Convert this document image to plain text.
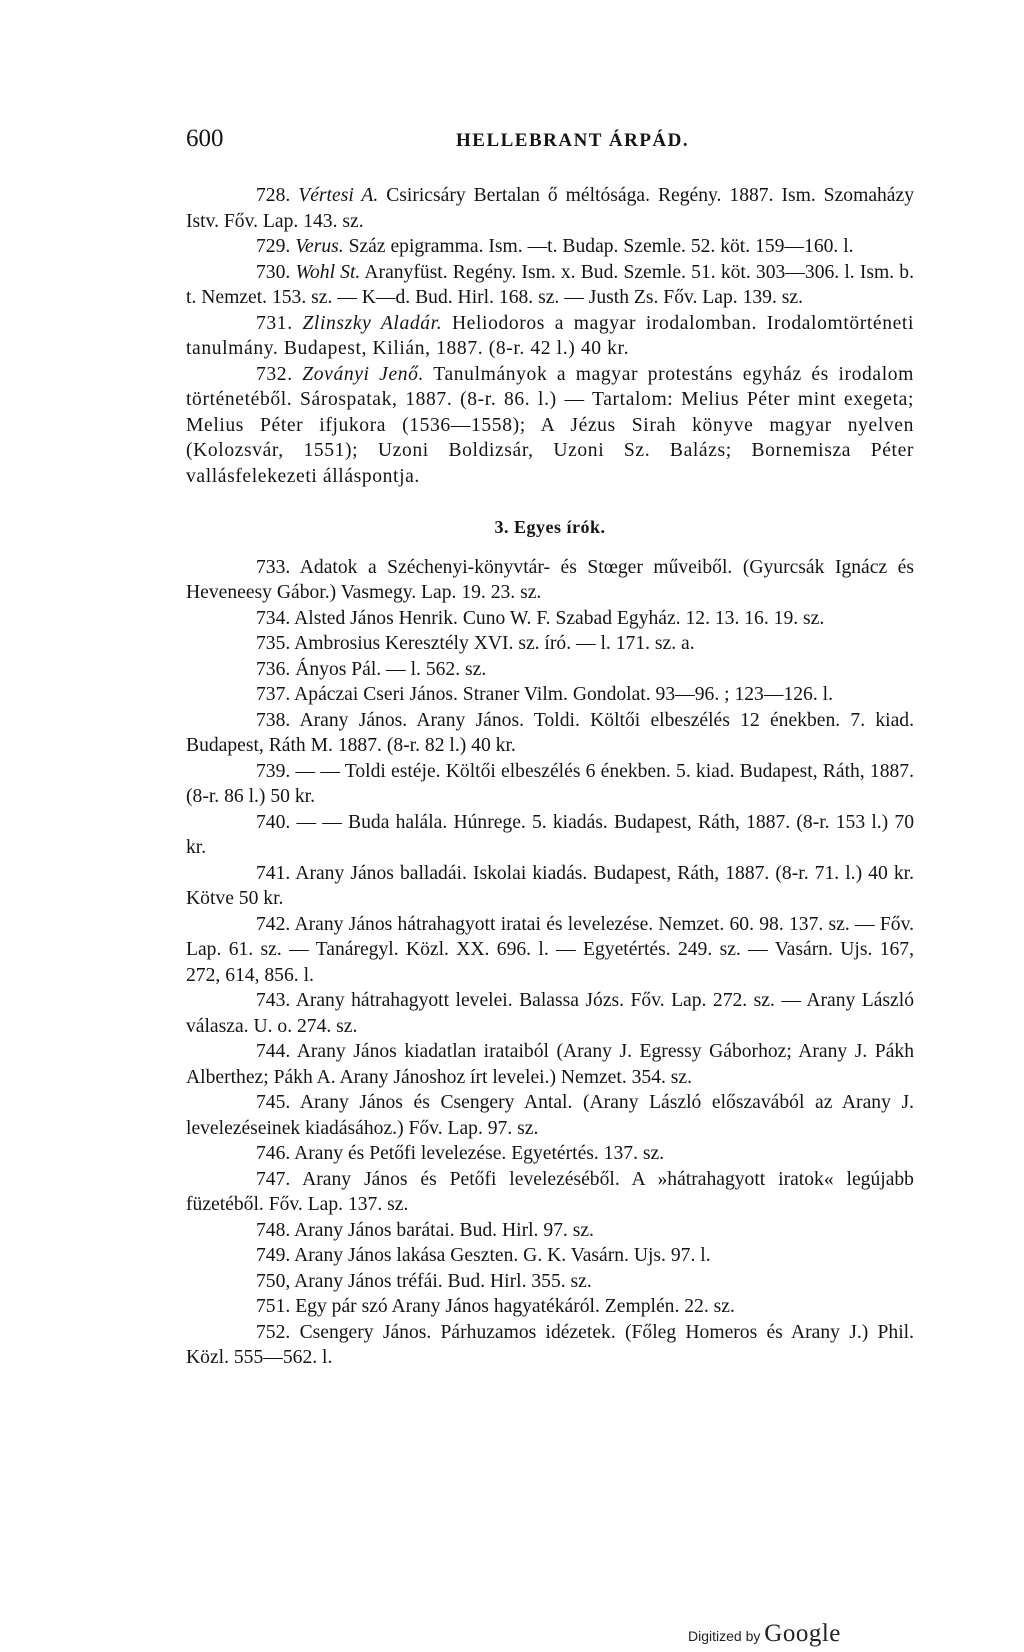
600	HELLEBRANT ÁRPÁD.

728. Vértesi A. Csiricsáry Bertalan ő méltósága. Regény. 1887. Ism. Szomaházy Istv. Főv. Lap. 143. sz.

729. Verus. Száz epigramma. Ism. —t. Budap. Szemle. 52. köt. 159—160. l.

730. Wohl St. Aranyfüst. Regény. Ism. x. Bud. Szemle. 51. köt. 303—306. l. Ism. b. t. Nemzet. 153. sz. — K—d. Bud. Hirl. 168. sz. — Justh Zs. Főv. Lap. 139. sz.

731. Zlinszky Aladár. Heliodoros a magyar irodalomban. Irodalomtörténeti tanulmány. Budapest, Kilián, 1887. (8-r. 42 l.) 40 kr.

732. Zoványi Jenő. Tanulmányok a magyar protestáns egyház és irodalom történetéből. Sárospatak, 1887. (8-r. 86. l.) — Tartalom: Melius Péter mint exegeta; Melius Péter ifjukora (1536—1558); A Jézus Sirah könyve magyar nyelven (Kolozsvár, 1551); Uzoni Boldizsár, Uzoni Sz. Balázs; Bornemisza Péter vallásfelekezeti álláspontja.

3. Egyes írók.

733. Adatok a Széchenyi-könyvtár- és Stœger műveiből. (Gyurcsák Ignácz és Heveneesy Gábor.) Vasmegy. Lap. 19. 23. sz.

734. Alsted János Henrik. Cuno W. F. Szabad Egyház. 12. 13. 16. 19. sz.

735. Ambrosius Keresztély XVI. sz. író. — l. 171. sz. a.

736. Ányos Pál. — l. 562. sz.

737. Apáczai Cseri János. Straner Vilm. Gondolat. 93—96. ; 123—126. l.

738. Arany János. Arany János. Toldi. Költői elbeszélés 12 énekben. 7. kiad. Budapest, Ráth M. 1887. (8-r. 82 l.) 40 kr.

739. — — Toldi estéje. Költői elbeszélés 6 énekben. 5. kiad. Budapest, Ráth, 1887. (8-r. 86 l.) 50 kr.

740. — — Buda halála. Húnrege. 5. kiadás. Budapest, Ráth, 1887. (8-r. 153 l.) 70 kr.

741. Arany János balladái. Iskolai kiadás. Budapest, Ráth, 1887. (8-r. 71. l.) 40 kr. Kötve 50 kr.

742. Arany János hátrahagyott iratai és levelezése. Nemzet. 60. 98. 137. sz. — Főv. Lap. 61. sz. — Tanáregyl. Közl. XX. 696. l. — Egyetértés. 249. sz. — Vasárn. Ujs. 167, 272, 614, 856. l.

743. Arany hátrahagyott levelei. Balassa Józs. Főv. Lap. 272. sz. — Arany László válasza. U. o. 274. sz.

744. Arany János kiadatlan irataiból (Arany J. Egressy Gáborhoz; Arany J. Pákh Alberthez; Pákh A. Arany Jánoshoz írt levelei.) Nemzet. 354. sz.

745. Arany János és Csengery Antal. (Arany László előszavából az Arany J. levelezéseinek kiadásához.) Főv. Lap. 97. sz.

746. Arany és Petőfi levelezése. Egyetértés. 137. sz.

747. Arany János és Petőfi levelezéséből. A »hátrahagyott iratok« legújabb füzetéből. Főv. Lap. 137. sz.

748. Arany János barátai. Bud. Hirl. 97. sz.

749. Arany János lakása Geszten. G. K. Vasárn. Ujs. 97. l.

750, Arany János tréfái. Bud. Hirl. 355. sz.

751. Egy pár szó Arany János hagyatékáról. Zemplén. 22. sz.

752. Csengery János. Párhuzamos idézetek. (Főleg Homeros és Arany J.) Phil. Közl. 555—562. l.

Digitized by Google
